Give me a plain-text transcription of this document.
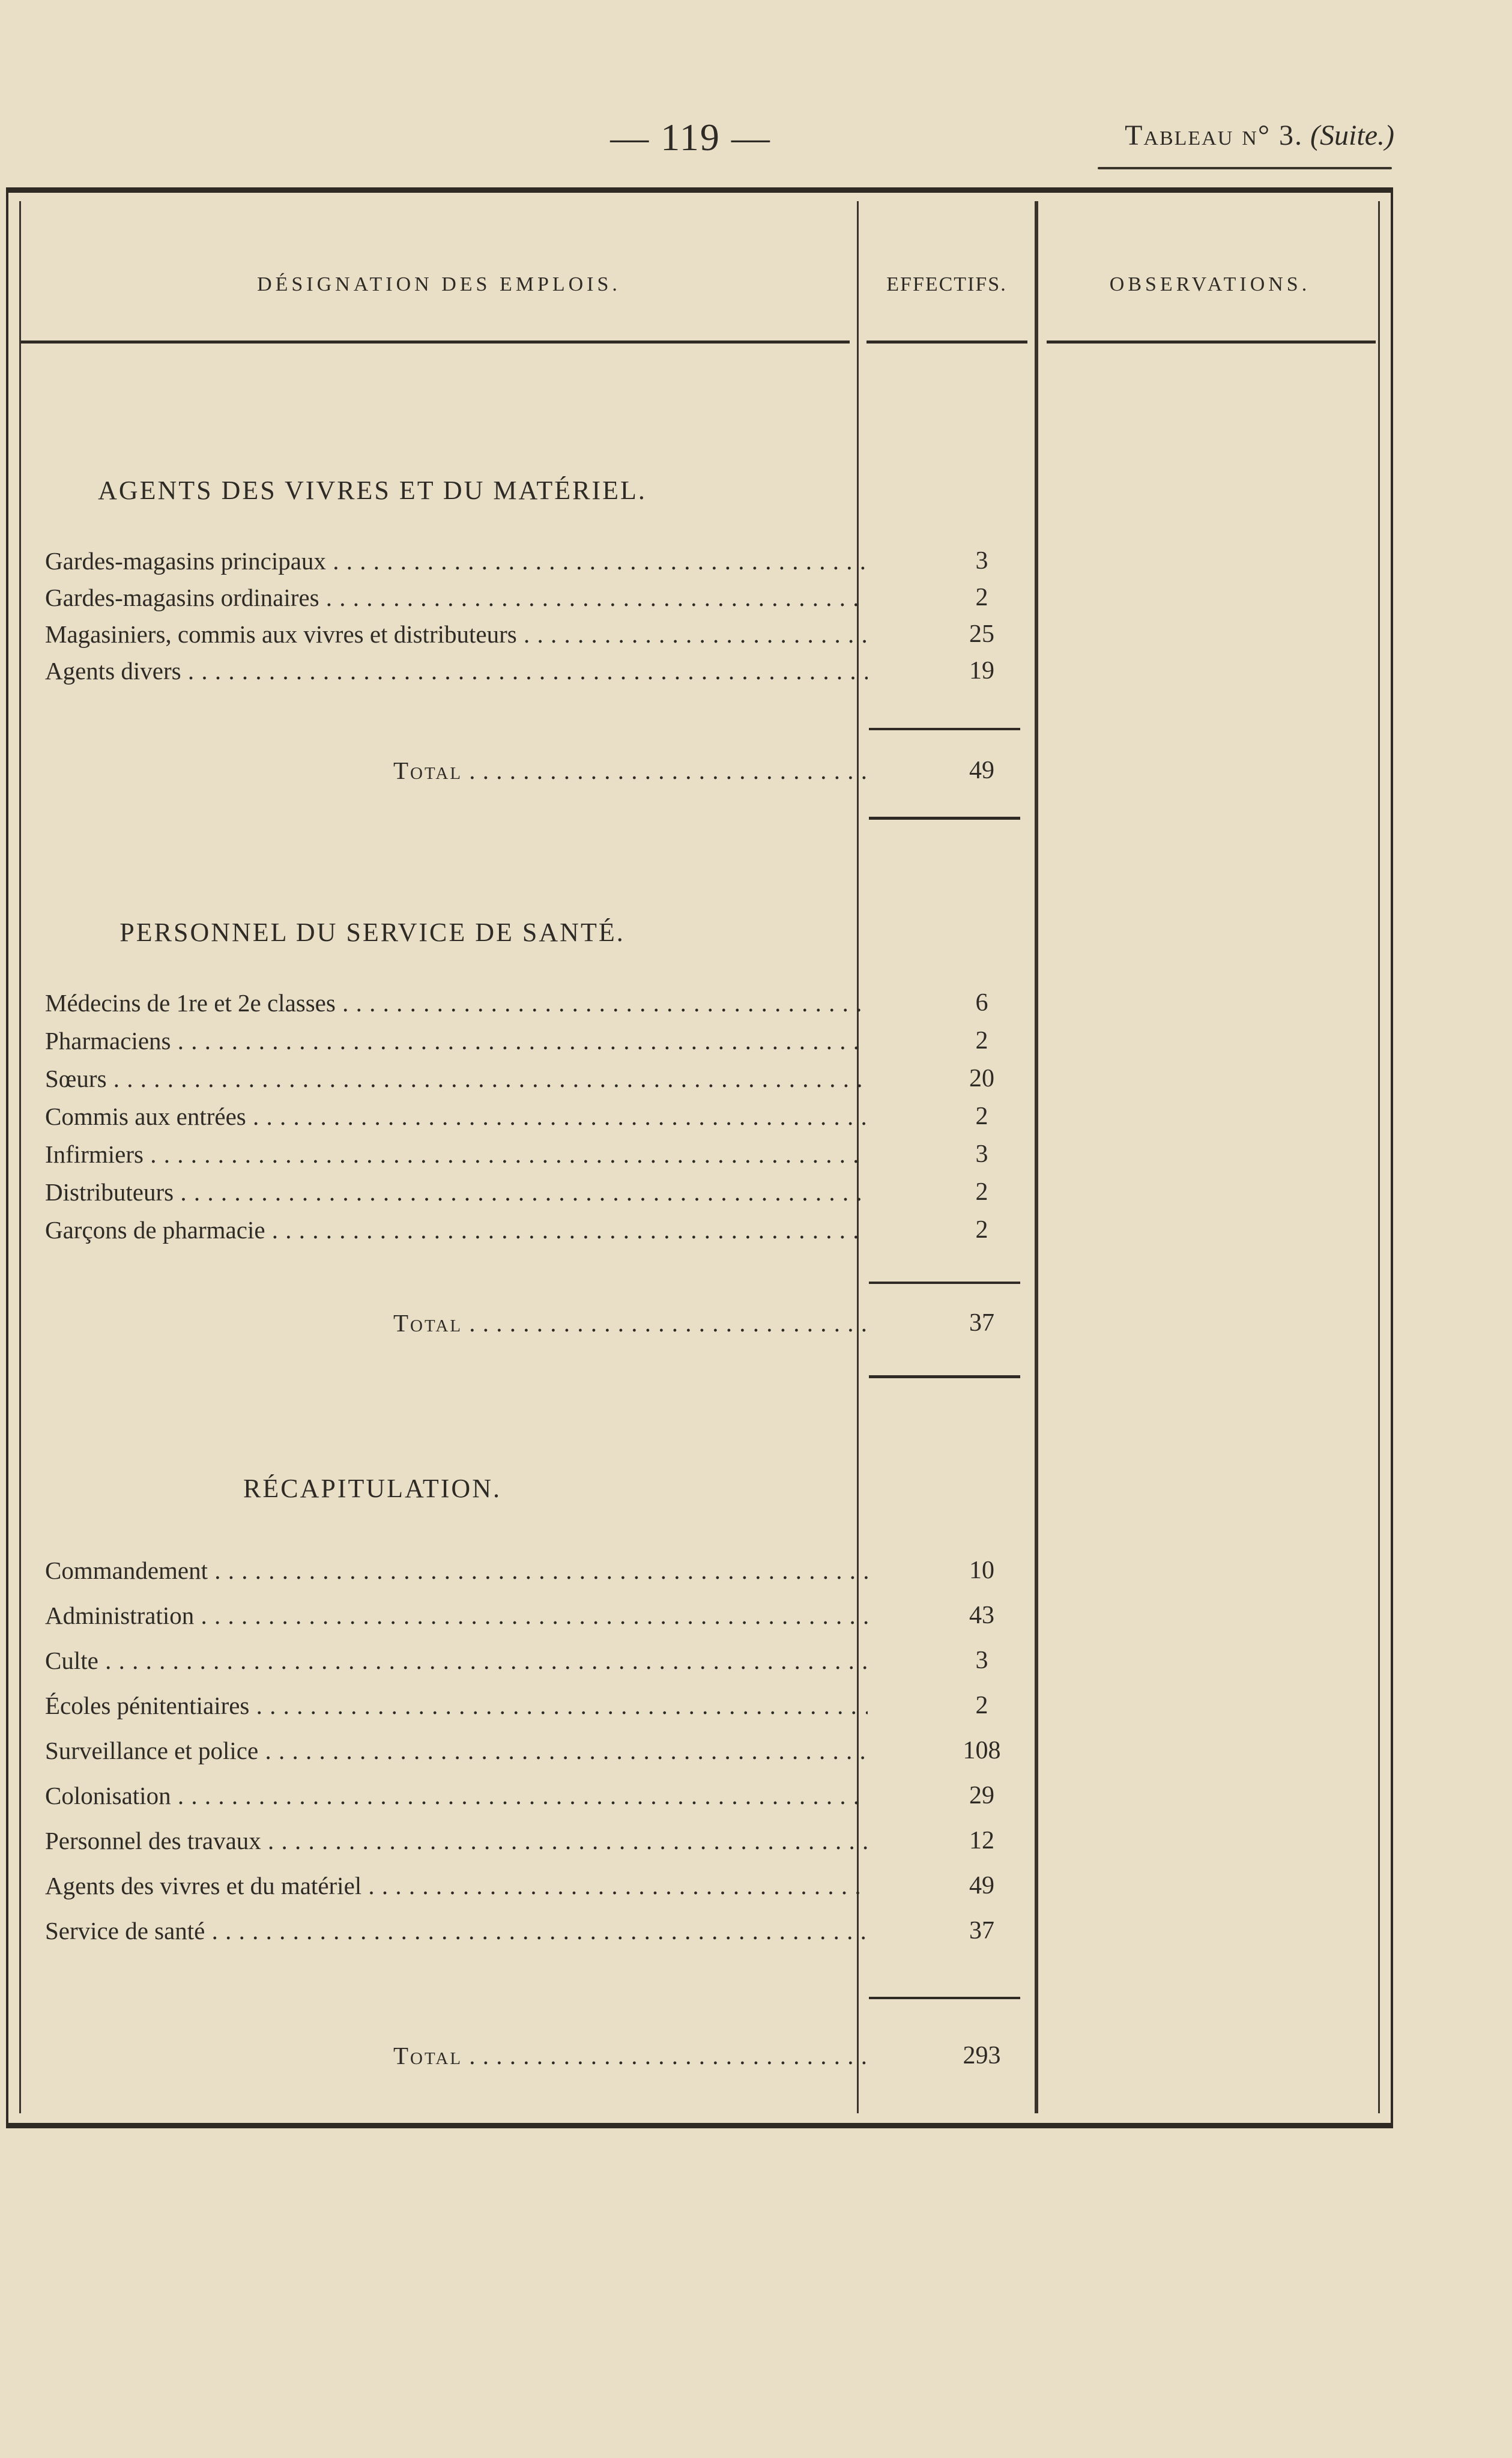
— 119 —	Tableau n° 3. (Suite.)
DÉSIGNATION DES EMPLOIS.	EFFECTIFS.	OBSERVATIONS.
AGENTS DES VIVRES ET DU MATÉRIEL.
Gardes-magasins principaux . . .	3
Gardes-magasins ordinaires . . .	2
Magasiniers, commis aux vivres et distributeurs . . .	25
Agents divers . . .	19
Total . . .	49
PERSONNEL DU SERVICE DE SANTÉ.
Médecins de 1re et 2e classes . . .	6
Pharmaciens . . .	2
Sœurs . . .	20
Commis aux entrées . . .	2
Infirmiers . . .	3
Distributeurs . . .	2
Garçons de pharmacie . . .	2
Total . . .	37
RÉCAPITULATION.
Commandement . . .	10
Administration . . .	43
Culte . . .	3
Écoles pénitentiaires . . .	2
Surveillance et police . . .	108
Colonisation . . .	29
Personnel des travaux . . .	12
Agents des vivres et du matériel . . .	49
Service de santé . . .	37
Total . . .	293
